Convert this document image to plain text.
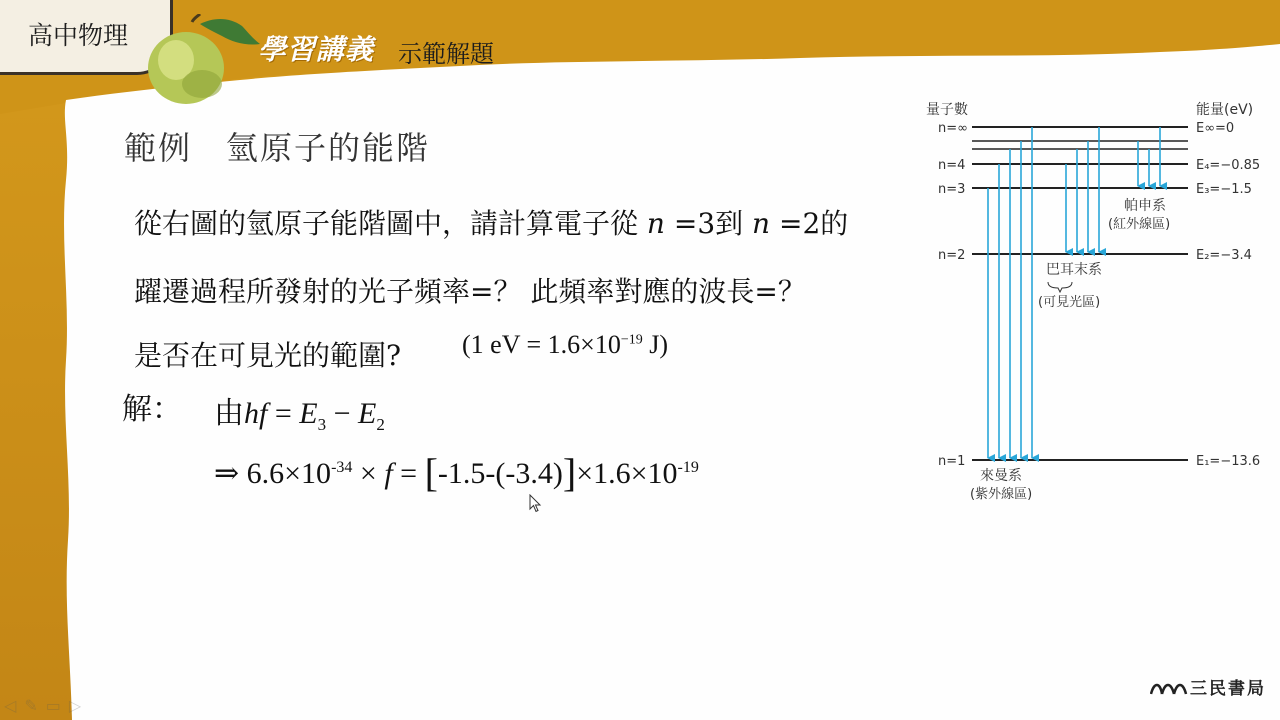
高中物理	學習講義 示範解題
範例　氫原子的能階
從右圖的氫原子能階圖中，請計算電子從 n =3到 n =2的
躍遷過程所發射的光子頻率=？ 此頻率對應的波長=？
是否在可見光的範圍? (1 eV = $1.6\times 10^{-19}$ J)
解： 由hf = $E_3 - E_2$
⇒ $6.6\times 10^{-34} \times f = [-1.5-(-3.4)]\times 1.6\times 10^{-19}$
量子數	能量(eV)
n=∞
n=4
n=3
n=2
n=1
E∞=0
E₄=−0.85
E₃=−1.5
E₂=−3.4
E₁=−13.6
帕申系
(紅外線區)
巴耳末系
(可見光區)
來曼系
(紫外線區)
三民書局
◁ ✎ ▭ ▷
